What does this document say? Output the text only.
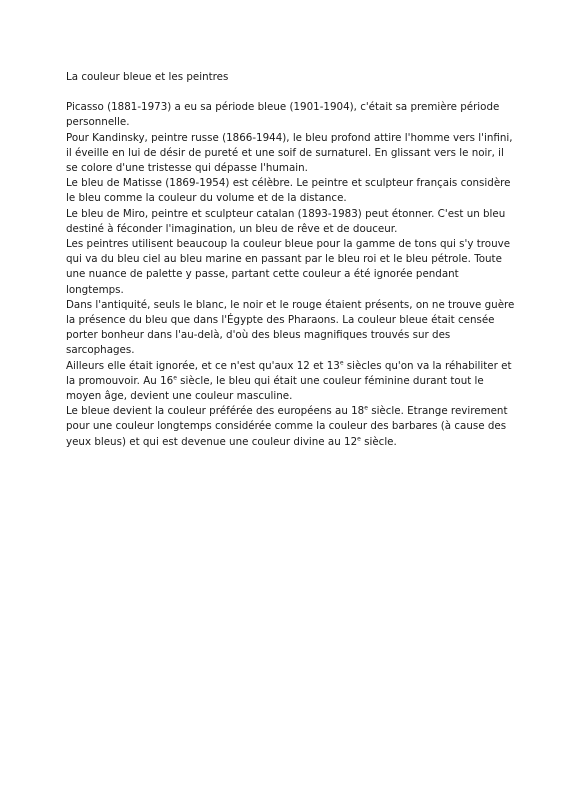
La couleur bleue et les peintres

Picasso (1881-1973) a eu sa période bleue (1901-1904), c'était sa première période personnelle.

Pour Kandinsky, peintre russe (1866-1944), le bleu profond attire l'homme vers l'infini, il éveille en lui de désir de pureté et une soif de surnaturel. En glissant vers le noir, il se colore d'une tristesse qui dépasse l'humain.

Le bleu de Matisse (1869-1954) est célèbre. Le peintre et sculpteur français considère le bleu comme la couleur du volume et de la distance.

Le bleu de Miro, peintre et sculpteur catalan (1893-1983) peut étonner. C'est un bleu destiné à féconder l'imagination, un bleu de rêve et de douceur.

Les peintres utilisent beaucoup la couleur bleue pour la gamme de tons qui s'y trouve qui va du bleu ciel au bleu marine en passant par le bleu roi et le bleu pétrole. Toute une nuance de palette y passe, partant cette couleur a été ignorée pendant longtemps.

Dans l'antiquité, seuls le blanc, le noir et le rouge étaient présents, on ne trouve guère la présence du bleu que dans l'Égypte des Pharaons. La couleur bleue était censée porter bonheur dans l'au-delà, d'où des bleus magnifiques trouvés sur des sarcophages.

Ailleurs elle était ignorée, et ce n'est qu'aux 12 et 13e siècles qu'on va la réhabiliter et la promouvoir. Au 16e siècle, le bleu qui était une couleur féminine durant tout le moyen âge, devient une couleur masculine.

Le bleue devient la couleur préférée des européens au 18e siècle. Etrange revirement pour une couleur longtemps considérée comme la couleur des barbares (à cause des yeux bleus) et qui est devenue une couleur divine au 12e siècle.
